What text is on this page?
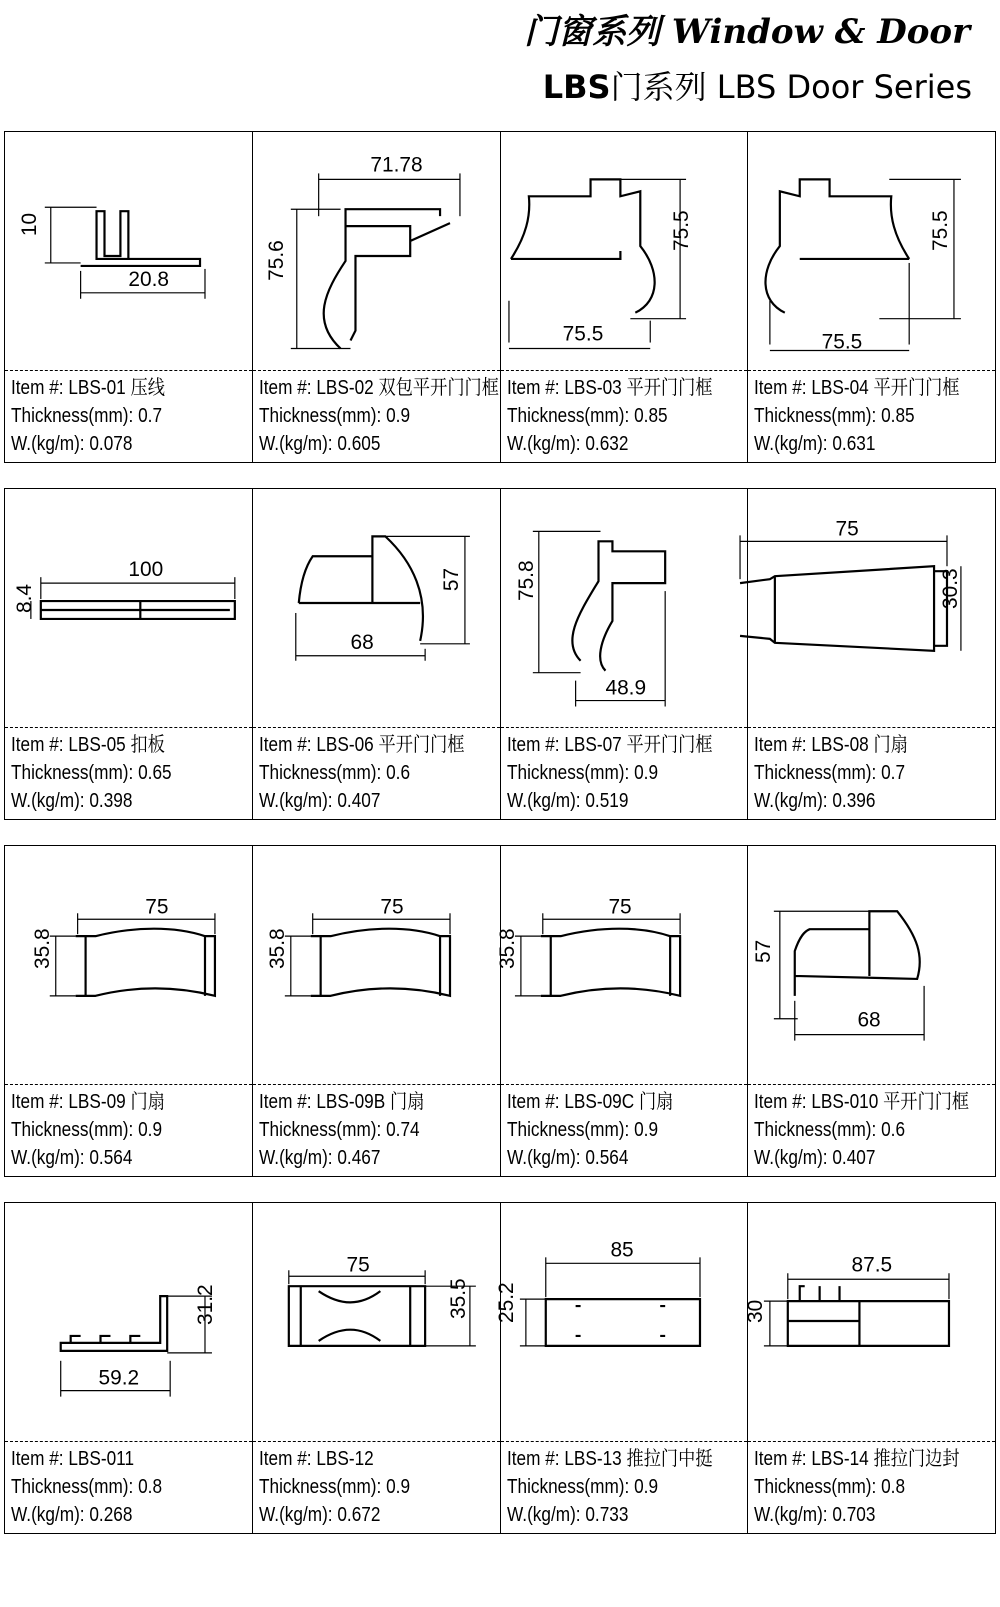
门窗系列 Window & Door
LBS门系列 LBS Door Series
10
20.8
Item #: LBS-01 压线
Thickness(mm): 0.7
W.(kg/m): 0.078
71.78
75.6
Item #: LBS-02 双包平开门门框
Thickness(mm): 0.9
W.(kg/m): 0.605
75.5
75.5
Item #: LBS-03 平开门门框
Thickness(mm): 0.85
W.(kg/m): 0.632
75.5
75.5
Item #: LBS-04 平开门门框
Thickness(mm): 0.85
W.(kg/m): 0.631
100
8.4
Item #: LBS-05 扣板
Thickness(mm): 0.65
W.(kg/m): 0.398
68
57
Item #: LBS-06 平开门门框
Thickness(mm): 0.6
W.(kg/m): 0.407
75.8
48.9
Item #: LBS-07 平开门门框
Thickness(mm): 0.9
W.(kg/m): 0.519
75
30.3
Item #: LBS-08 门扇
Thickness(mm): 0.7
W.(kg/m): 0.396
75
35.8
Item #: LBS-09 门扇
Thickness(mm): 0.9
W.(kg/m): 0.564
75
35.8
Item #: LBS-09B 门扇
Thickness(mm): 0.74
W.(kg/m): 0.467
75
35.8
Item #: LBS-09C 门扇
Thickness(mm): 0.9
W.(kg/m): 0.564
57
68
Item #: LBS-010 平开门门框
Thickness(mm): 0.6
W.(kg/m): 0.407
31.2
59.2
Item #: LBS-011
Thickness(mm): 0.8
W.(kg/m): 0.268
75
35.5
Item #: LBS-12
Thickness(mm): 0.9
W.(kg/m): 0.672
85
25.2
Item #: LBS-13 推拉门中挺
Thickness(mm): 0.9
W.(kg/m): 0.733
87.5
30
Item #: LBS-14 推拉门边封
Thickness(mm): 0.8
W.(kg/m): 0.703
